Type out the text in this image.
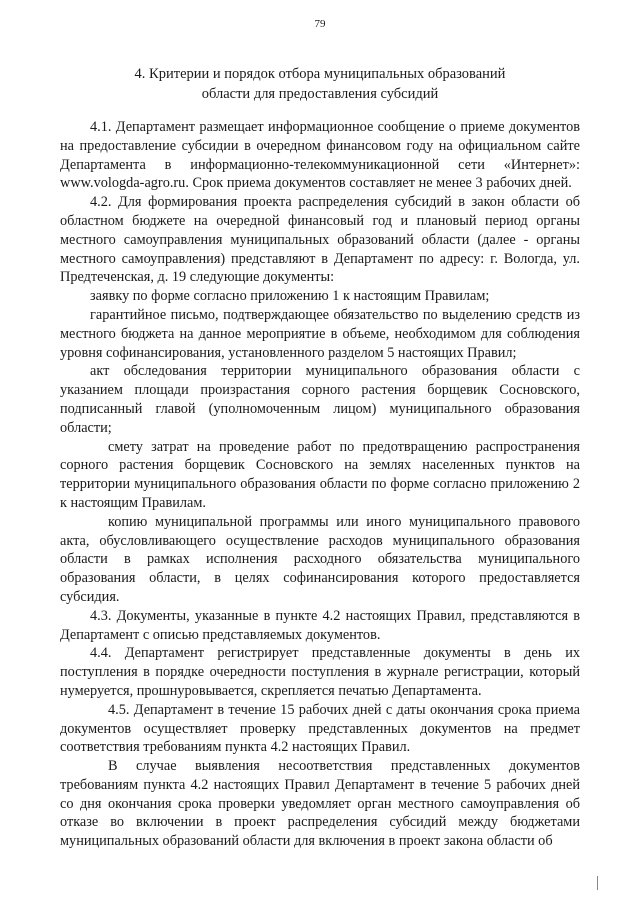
79
4. Критерии и порядок отбора муниципальных образований
области для предоставления субсидий

4.1. Департамент размещает информационное сообщение о приеме документов на предоставление субсидии в очередном финансовом году на официальном сайте Департамента в информационно-телекоммуникационной сети «Интернет»: www.vologda-agro.ru. Срок приема документов составляет не менее 3 рабочих дней.

4.2. Для формирования проекта распределения субсидий в закон области об областном бюджете на очередной финансовый год и плановый период органы местного самоуправления муниципальных образований области (далее - органы местного самоуправления) представляют в Департамент по адресу: г. Вологда, ул. Предтеченская, д. 19 следующие документы:

заявку по форме согласно приложению 1 к настоящим Правилам;

гарантийное письмо, подтверждающее обязательство по выделению средств из местного бюджета на данное мероприятие в объеме, необходимом для соблюдения уровня софинансирования, установленного разделом 5 настоящих Правил;

акт обследования территории муниципального образования области с указанием площади произрастания сорного растения борщевик Сосновского, подписанный главой (уполномоченным лицом) муниципального образования области;

смету затрат на проведение работ по предотвращению распространения сорного растения борщевик Сосновского на землях населенных пунктов на территории муниципального образования области по форме согласно приложению 2 к настоящим Правилам.

копию муниципальной программы или иного муниципального правового акта, обусловливающего осуществление расходов муниципального образования области в рамках исполнения расходного обязательства муниципального образования области, в целях софинансирования которого предоставляется субсидия.

4.3. Документы, указанные в пункте 4.2 настоящих Правил, представляются в Департамент с описью представляемых документов.

4.4. Департамент регистрирует представленные документы в день их поступления в порядке очередности поступления в журнале регистрации, который нумеруется, прошнуровывается, скрепляется печатью Департамента.

4.5. Департамент в течение 15 рабочих дней с даты окончания срока приема документов осуществляет проверку представленных документов на предмет соответствия требованиям пункта 4.2 настоящих Правил.

В случае выявления несоответствия представленных документов требованиям пункта 4.2 настоящих Правил Департамент в течение 5 рабочих дней со дня окончания срока проверки уведомляет орган местного самоуправления об отказе во включении в проект распределения субсидий между бюджетами муниципальных образований области для включения в проект закона области об
